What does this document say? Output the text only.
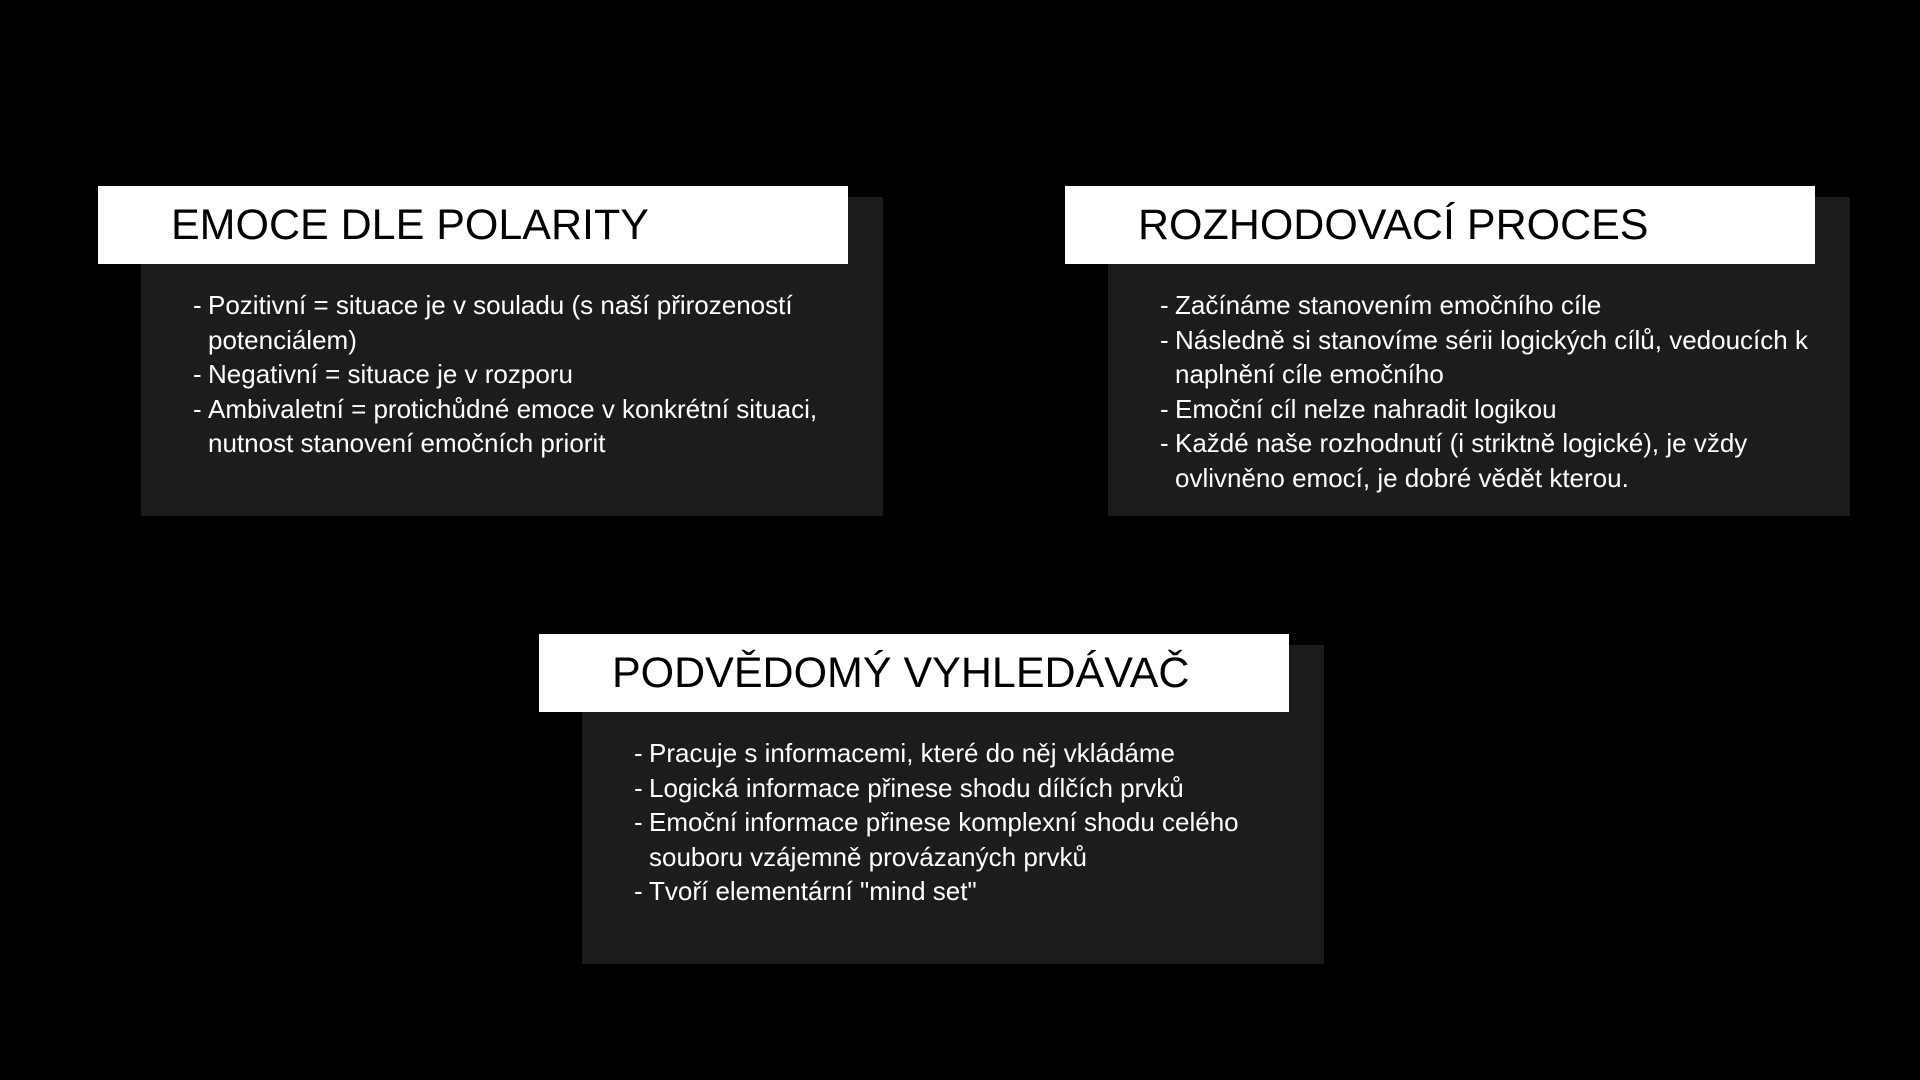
EMOCE DLE POLARITY
- Pozitivní = situace je v souladu (s naší přirozeností potenciálem)
- Negativní = situace je v rozporu
- Ambivaletní = protichůdné emoce v konkrétní situaci, nutnost stanovení emočních priorit
ROZHODOVACÍ PROCES
- Začínáme stanovením emočního cíle
- Následně si stanovíme sérii logických cílů, vedoucích k naplnění cíle emočního
- Emoční cíl nelze nahradit logikou
- Každé naše rozhodnutí (i striktně logické), je vždy ovlivněno emocí, je dobré vědět kterou.
PODVĚDOMÝ VYHLEDÁVAČ
- Pracuje s informacemi, které do něj vkládáme
- Logická informace přinese shodu dílčích prvků
- Emoční informace přinese komplexní shodu celého souboru vzájemně provázaných prvků
- Tvoří elementární "mind set"
